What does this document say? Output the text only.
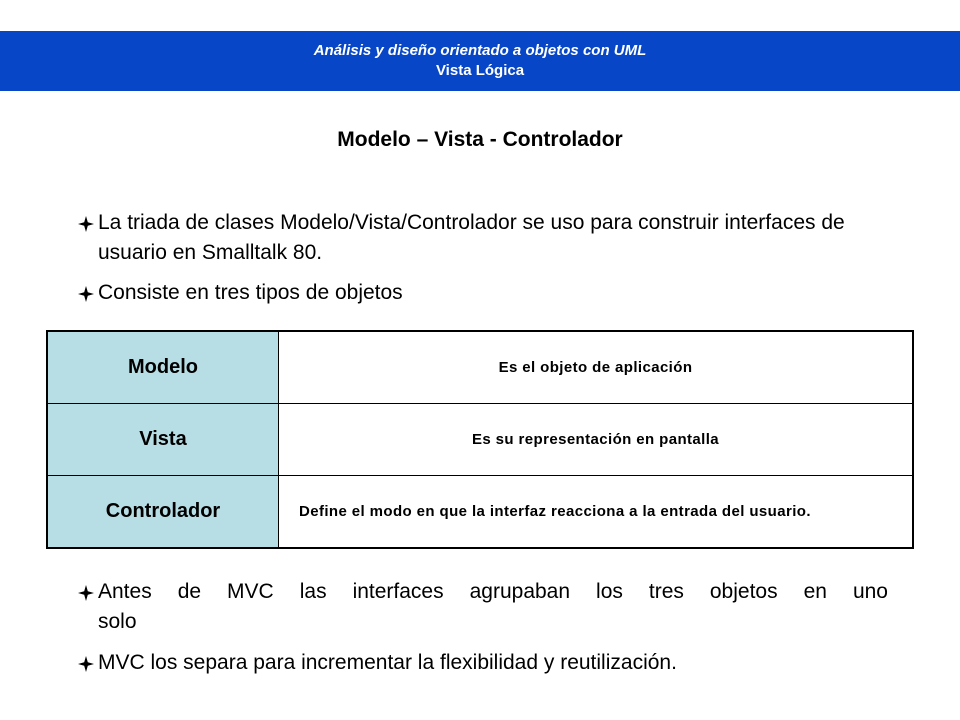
Análisis y diseño orientado a objetos con UML
Vista Lógica
Modelo – Vista - Controlador
La triada de clases Modelo/Vista/Controlador se uso para construir interfaces de usuario en Smalltalk 80.
Consiste en tres tipos de objetos
Modelo	Es el objeto de aplicación
Vista	Es su representación en pantalla
Controlador	Define el modo en que la interfaz reacciona a la entrada del usuario.
Antes de MVC las interfaces agrupaban los tres objetos en uno
solo
MVC los separa para incrementar la flexibilidad y reutilización.
